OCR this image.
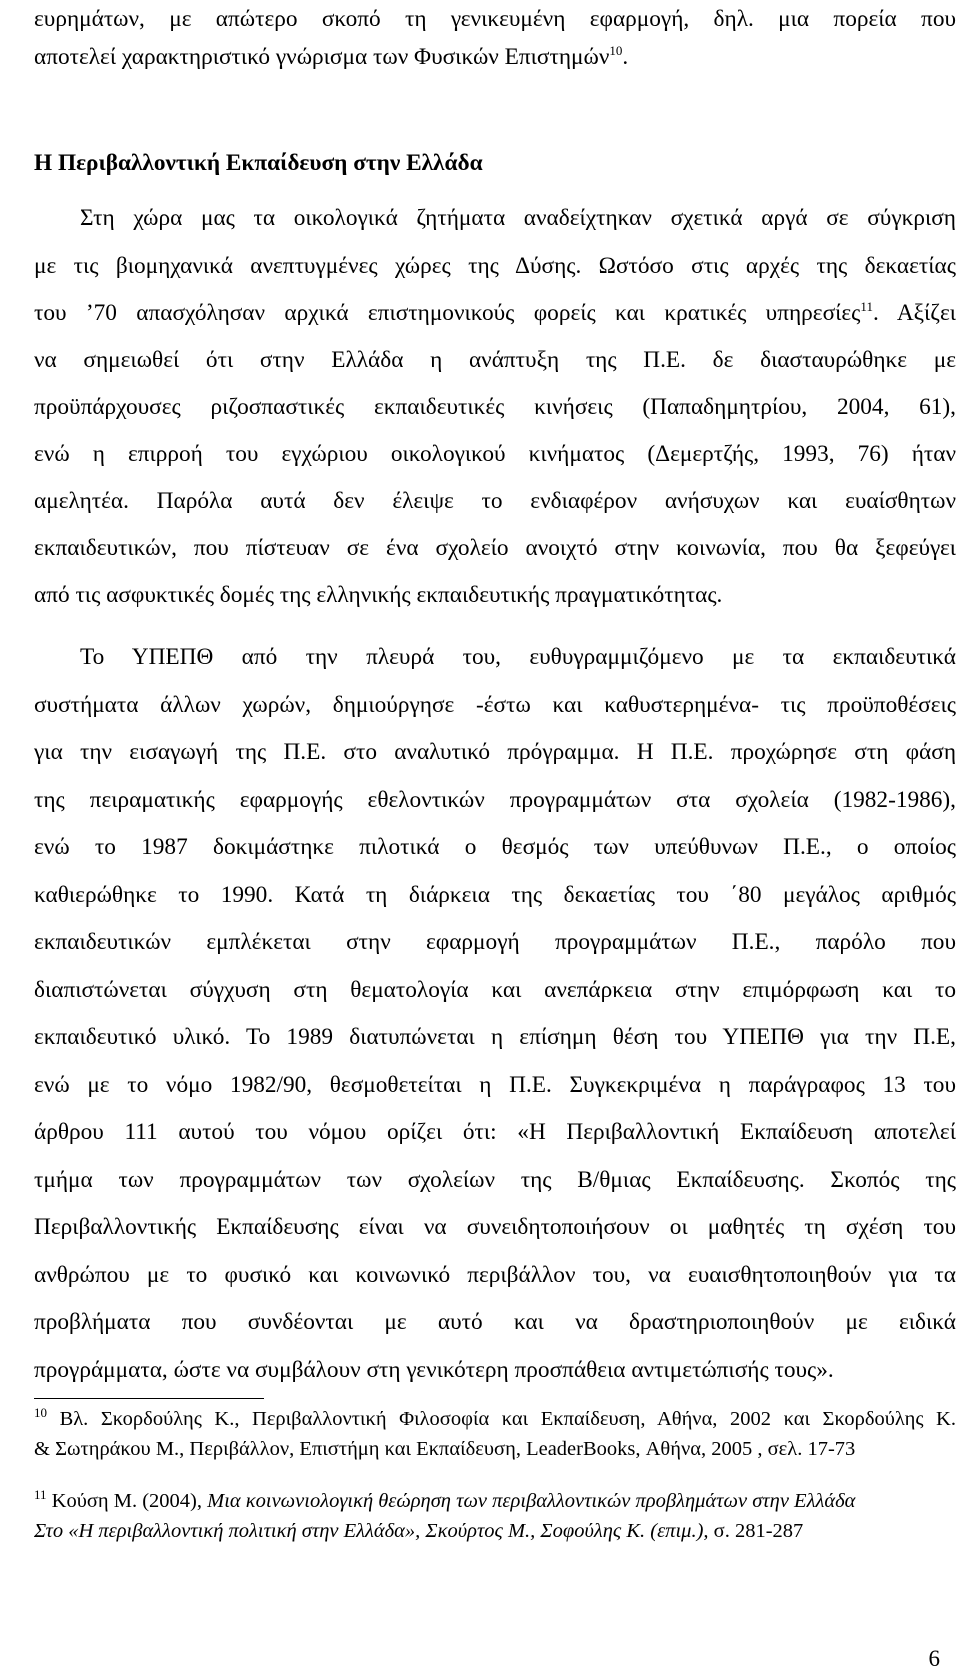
ευρημάτων, με απώτερο σκοπό τη γενικευμένη εφαρμογή, δηλ. μια πορεία που
αποτελεί χαρακτηριστικό γνώρισμα των Φυσικών Επιστημών$^{10}$.
Η Περιβαλλοντική Εκπαίδευση στην Ελλάδα
Στη χώρα μας τα οικολογικά ζητήματα αναδείχτηκαν σχετικά αργά σε σύγκριση
με τις βιομηχανικά ανεπτυγμένες χώρες της Δύσης. Ωστόσο στις αρχές της δεκαετίας
του ’70 απασχόλησαν αρχικά επιστημονικούς φορείς και κρατικές υπηρεσίες$^{11}$. Αξίζει
να σημειωθεί ότι στην Ελλάδα η ανάπτυξη της Π.Ε. δε διασταυρώθηκε με
προϋπάρχουσες ριζοσπαστικές εκπαιδευτικές κινήσεις (Παπαδημητρίου, 2004, 61),
ενώ η επιρροή του εγχώριου οικολογικού κινήματος (Δεμερτζής, 1993, 76) ήταν
αμελητέα. Παρόλα αυτά δεν έλειψε το ενδιαφέρον ανήσυχων και ευαίσθητων
εκπαιδευτικών, που πίστευαν σε ένα σχολείο ανοιχτό στην κοινωνία, που θα ξεφεύγει
από τις ασφυκτικές δομές της ελληνικής εκπαιδευτικής πραγματικότητας.
Το ΥΠΕΠΘ από την πλευρά του, ευθυγραμμιζόμενο με τα εκπαιδευτικά
συστήματα άλλων χωρών, δημιούργησε -έστω και καθυστερημένα- τις προϋποθέσεις
για την εισαγωγή της Π.Ε. στο αναλυτικό πρόγραμμα. Η Π.Ε. προχώρησε στη φάση
της πειραματικής εφαρμογής εθελοντικών προγραμμάτων στα σχολεία (1982-1986),
ενώ το 1987 δοκιμάστηκε πιλοτικά ο θεσμός των υπεύθυνων Π.Ε., ο οποίος
καθιερώθηκε το 1990. Κατά τη διάρκεια της δεκαετίας του ΄80 μεγάλος αριθμός
εκπαιδευτικών εμπλέκεται στην εφαρμογή προγραμμάτων Π.Ε., παρόλο που
διαπιστώνεται σύγχυση στη θεματολογία και ανεπάρκεια στην επιμόρφωση και το
εκπαιδευτικό υλικό. Το 1989 διατυπώνεται η επίσημη θέση του ΥΠΕΠΘ για την Π.Ε,
ενώ με το νόμο 1982/90, θεσμοθετείται η Π.Ε. Συγκεκριμένα η παράγραφος 13 του
άρθρου 111 αυτού του νόμου ορίζει ότι: «Η Περιβαλλοντική Εκπαίδευση αποτελεί
τμήμα των προγραμμάτων των σχολείων της Β/θμιας Εκπαίδευσης. Σκοπός της
Περιβαλλοντικής Εκπαίδευσης είναι να συνειδητοποιήσουν οι μαθητές τη σχέση του
ανθρώπου με το φυσικό και κοινωνικό περιβάλλον του, να ευαισθητοποιηθούν για τα
προβλήματα που συνδέονται με αυτό και να δραστηριοποιηθούν με ειδικά
προγράμματα, ώστε να συμβάλουν στη γενικότερη προσπάθεια αντιμετώπισής τους».
$^{10}$ Βλ. Σκορδούλης Κ., Περιβαλλοντική Φιλοσοφία και Εκπαίδευση, Αθήνα, 2002 και Σκορδούλης Κ.
& Σωτηράκου Μ., Περιβάλλον, Επιστήμη και Εκπαίδευση, LeaderBooks, Αθήνα, 2005 , σελ. 17-73
$^{11}$ Κούση Μ. (2004), Μια κοινωνιολογική θεώρηση των περιβαλλοντικών προβλημάτων στην Ελλάδα
Στο «Η περιβαλλοντική πολιτική στην Ελλάδα», Σκούρτος Μ., Σοφούλης Κ. (επιμ.), σ. 281-287
6
